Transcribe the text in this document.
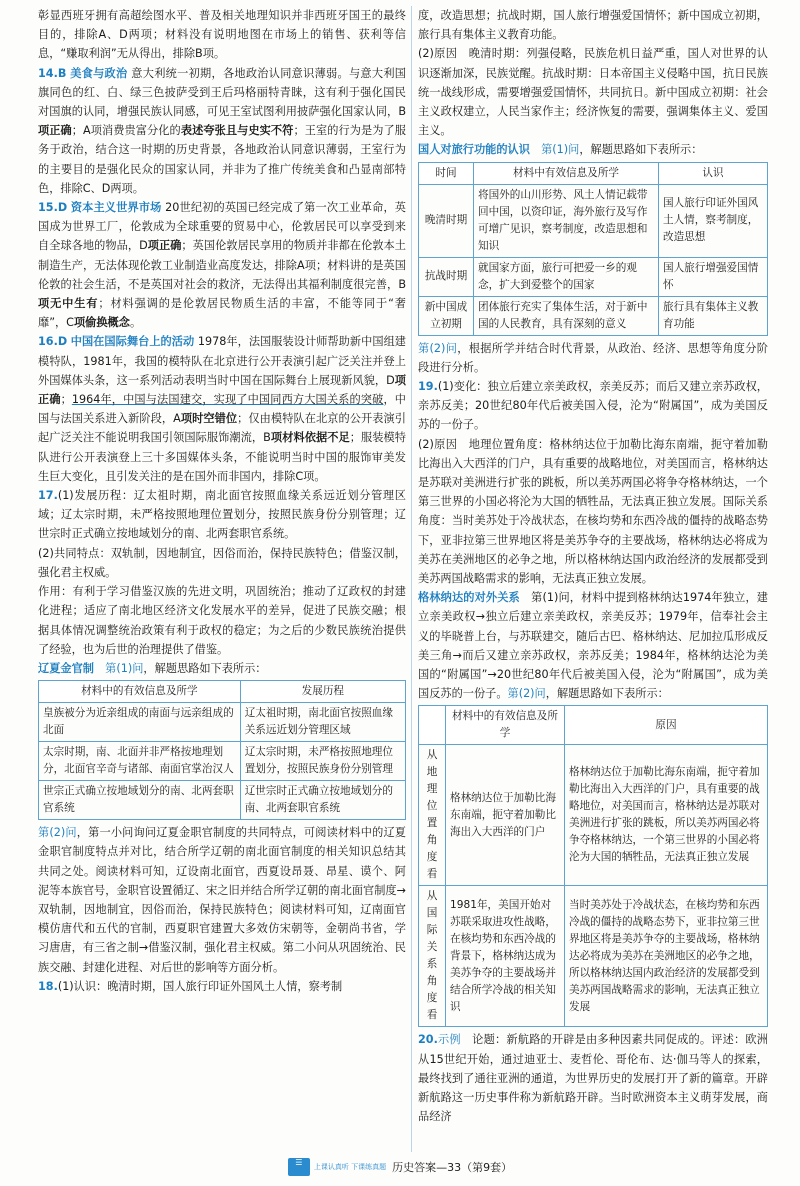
彰显西班牙拥有高超绘图水平、普及相关地理知识并非西班牙国王的最终目的，排除A、D两项；材料没有说明地图在市场上的销售、获利等信息，“赚取利润”无从得出，排除B项。

14.B 美食与政治 意大利统一初期，各地政治认同意识薄弱。与意大利国旗同色的红、白、绿三色披萨受到王后玛格丽特青睐，这有利于强化国民对国旗的认同，增强民族认同感，可见王室试图利用披萨强化国家认同，B项正确；A项消费贵富分化的表述夸张且与史实不符；王室的行为是为了服务于政治，结合这一时期的历史背景，各地政治认同意识薄弱，王室行为的主要目的是强化民众的国家认同，并非为了推广传统美食和凸显南部特色，排除C、D两项。

15.D 资本主义世界市场 20世纪初的英国已经完成了第一次工业革命，英国成为世界工厂，伦敦成为全球重要的贸易中心，伦敦居民可以享受到来自全球各地的物品，D项正确；英国伦敦居民享用的物质并非都在伦敦本土制造生产，无法体现伦敦工业制造业高度发达，排除A项；材料讲的是英国伦敦的社会生活，不是英国对社会的救济，无法得出其福利制度很完善，B项无中生有；材料强调的是伦敦居民物质生活的丰富，不能等同于“奢靡”，C项偷换概念。

16.D 中国在国际舞台上的活动 1978年，法国服装设计师帮助新中国组建模特队，1981年，我国的模特队在北京进行公开表演引起广泛关注并登上外国媒体头条，这一系列活动表明当时中国在国际舞台上展现新风貌，D项正确；1964年，中国与法国建交，实现了中国同西方大国关系的突破，中国与法国关系进入新阶段，A项时空错位；仅由模特队在北京的公开表演引起广泛关注不能说明我国引领国际服饰潮流，B项材料依据不足；服装模特队进行公开表演登上三十多国媒体头条，不能说明当时中国的服饰审美发生巨大变化，且引发关注的是在国外而非国内，排除C项。

17.(1)发展历程：辽太祖时期，南北面官按照血缘关系远近划分管理区域；辽太宗时期，未严格按照地理位置划分，按照民族身份分别管理；辽世宗时正式确立按地域划分的南、北两套职官系统。

(2)共同特点：双轨制，因地制宜，因俗而治，保持民族特色；借鉴汉制，强化君主权威。

作用：有利于学习借鉴汉族的先进文明，巩固统治；推动了辽政权的封建化进程；适应了南北地区经济文化发展水平的差异，促进了民族交融；根据具体情况调整统治政策有利于政权的稳定；为之后的少数民族统治提供了经验，也为后世的治理提供了借鉴。

辽夏金官制　 第(1)问，解题思路如下表所示：

材料中的有效信息及所学	发展历程
皇族被分为近亲组成的南面与远亲组成的北面	辽太祖时期，南北面官按照血缘关系远近划分管理区域
太宗时期，南、北面并非严格按地理划分，北面官辛奇与诸部、南面官掌治汉人	辽太宗时期，未严格按照地理位置划分，按照民族身份分别管理
世宗正式确立按地域划分的南、北两套职官系统	辽世宗时正式确立按地域划分的南、北两套职官系统

第(2)问，第一小问询问辽夏金职官制度的共同特点，可阅读材料中的辽夏金职官制度特点并对比，结合所学辽朝的南北面官制度的相关知识总结其共同之处。阅读材料可知，辽设南北面官，西夏设昂聂、昂星、谟个、阿泥等本族官号，金职官设置循辽、宋之旧并结合所学辽朝的南北面官制度→双轨制，因地制宜，因俗而治，保持民族特色；阅读材料可知，辽南面官模仿唐代和五代的官制，西夏职官建置大多效仿宋朝等，金朝尚书省，学习唐唐，有三省之制→借鉴汉制，强化君主权威。第二小问从巩固统治、民族交融、封建化进程、对后世的影响等方面分析。

18.(1)认识：晚清时期，国人旅行印证外国风土人情，察考制

度，改造思想；抗战时期，国人旅行增强爱国情怀；新中国成立初期，旅行具有集体主义教育功能。

(2)原因　晚清时期：列强侵略，民族危机日益严重，国人对世界的认识逐渐加深，民族觉醒。抗战时期：日本帝国主义侵略中国，抗日民族统一战线形成，需要增强爱国情怀，共同抗日。新中国成立初期：社会主义政权建立，人民当家作主；经济恢复的需要，强调集体主义、爱国主义。

国人对旅行功能的认识　 第(1)问，解题思路如下表所示：

时间	材料中有效信息及所学	认识
晚清时期	将国外的山川形势、风土人情记载带回中国，以资印证，海外旅行及写作可增广见识，察考制度，改造思想和知识	国人旅行印证外国风土人情，察考制度，改造思想
抗战时期	就国家方面，旅行可把爱一乡的观念，扩大到爱整个的国家	国人旅行增强爱国情怀
新中国成立初期	团体旅行充实了集体生活，对于新中国的人民教育，具有深刻的意义	旅行具有集体主义教育功能

第(2)问，根据所学并结合时代背景，从政治、经济、思想等角度分阶段进行分析。

19.(1)变化：独立后建立亲美政权，亲美反苏；而后又建立亲苏政权，亲苏反美；20世纪80年代后被美国入侵，沦为“附属国”，成为美国反苏的一份子。

(2)原因　地理位置角度：格林纳达位于加勒比海东南端，扼守着加勒比海出入大西洋的门户，具有重要的战略地位，对美国而言，格林纳达是苏联对美洲进行扩张的跳板，所以美苏两国必将争夺格林纳达，一个第三世界的小国必将沦为大国的牺牲品，无法真正独立发展。国际关系角度：当时美苏处于冷战状态，在核均势和东西冷战的僵持的战略态势下，亚非拉第三世界地区将是美苏争夺的主要战场，格林纳达必将成为美苏在美洲地区的必争之地，所以格林纳达国内政治经济的发展都受到美苏两国战略需求的影响，无法真正独立发展。

格林纳达的对外关系　 第(1)问，材料中提到格林纳达1974年独立，建立亲美政权→独立后建立亲美政权，亲美反苏；1979年，信奉社会主义的毕晓普上台，与苏联建交，随后古巴、格林纳达、尼加拉瓜形成反美三角→而后又建立亲苏政权，亲苏反美；1984年，格林纳达沦为美国的“附属国”→20世纪80年代后被美国入侵，沦为“附属国”，成为美国反苏的一份子。第(2)问，解题思路如下表所示：

	材料中的有效信息及所学	原因
从地理位置角度看	格林纳达位于加勒比海东南端，扼守着加勒比海出入大西洋的门户	格林纳达位于加勒比海东南端，扼守着加勒比海出入大西洋的门户，具有重要的战略地位，对美国而言，格林纳达是苏联对美洲进行扩张的跳板，所以美苏两国必将争夺格林纳达，一个第三世界的小国必将沦为大国的牺牲品，无法真正独立发展
从国际关系角度看	1981年，美国开始对苏联采取进攻性战略，在核均势和东西冷战的背景下，格林纳达成为美苏争夺的主要战场并结合所学冷战的相关知识	当时美苏处于冷战状态，在核均势和东西冷战的僵持的战略态势下，亚非拉第三世界地区将是美苏争夺的主要战场，格林纳达必将成为美苏在美洲地区的必争之地，所以格林纳达国内政治经济的发展都受到美苏两国战略需求的影响，无法真正独立发展

20.示例　论题：新航路的开辟是由多种因素共同促成的。评述：欧洲从15世纪开始，通过迪亚士、麦哲伦、哥伦布、达·伽马等人的探索，最终找到了通往亚洲的通道，为世界历史的发展打开了新的篇章。开辟新航路这一历史事件称为新航路开辟。当时欧洲资本主义萌芽发展，商品经济

☰ 上课认真听 下课练真题 历史答案—33（第9套）
